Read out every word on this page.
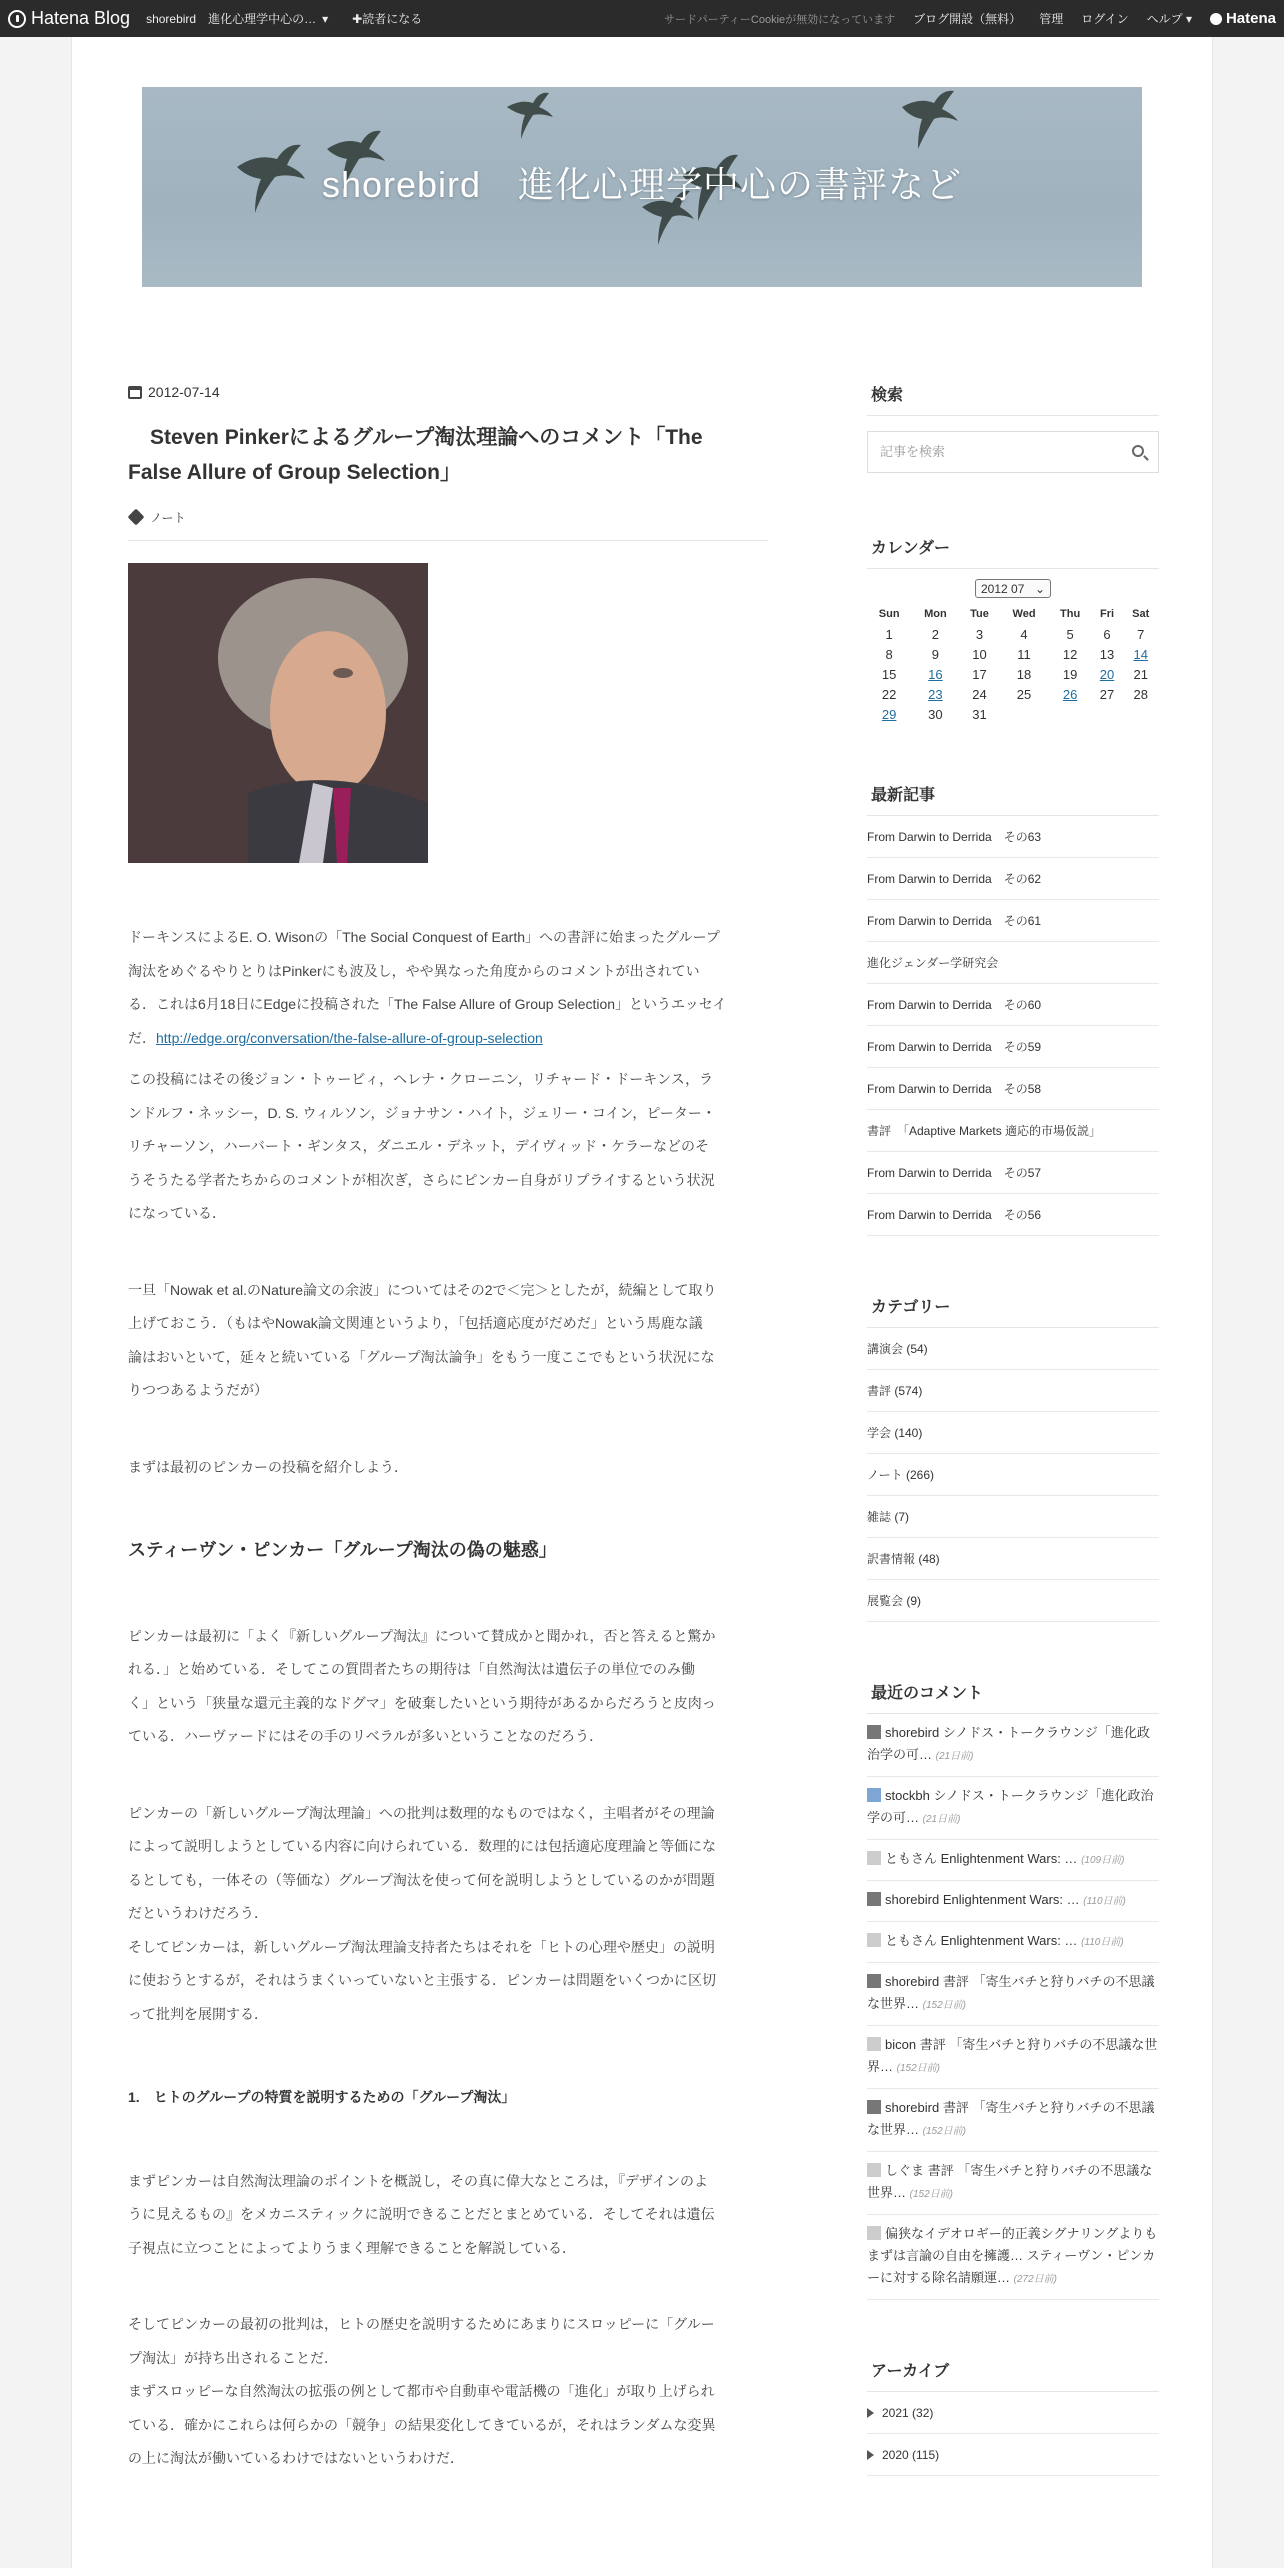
Hatena Blog shorebird　進化心理学中心の… ▾ ✚読者になる	サードパーティーCookieが無効になっています ブログ開設（無料） 管理 ログイン ヘルプ ▾ Hatena
shorebird　進化心理学中心の書評など
2012-07-14
Steven Pinkerによるグループ淘汰理論へのコメント「The
False Allure of Group Selection」
ノート

ドーキンスによるE. O. Wisonの「The Social Conquest of Earth」への書評に始まったグループ
淘汰をめぐるやりとりはPinkerにも波及し，やや異なった角度からのコメントが出されてい
る．これは6月18日にEdgeに投稿された「The False Allure of Group Selection」というエッセイ
だ．http://edge.org/conversation/the-false-allure-of-group-selection

この投稿にはその後ジョン・トゥービィ，ヘレナ・クローニン，リチャード・ドーキンス，ラ
ンドルフ・ネッシー，D. S. ウィルソン，ジョナサン・ハイト，ジェリー・コイン，ピーター・
リチャーソン，ハーバート・ギンタス，ダニエル・デネット，デイヴィッド・ケラーなどのそ
うそうたる学者たちからのコメントが相次ぎ，さらにピンカー自身がリプライするという状況
になっている．

一旦「Nowak et al.のNature論文の余波」についてはその2で＜完＞としたが，続編として取り
上げておこう．（もはやNowak論文関連というより，「包括適応度がだめだ」という馬鹿な議
論はおいといて，延々と続いている「グループ淘汰論争」をもう一度ここでもという状況にな
りつつあるようだが）

まずは最初のピンカーの投稿を紹介しよう．

スティーヴン・ピンカー「グループ淘汰の偽の魅惑」

ピンカーは最初に「よく『新しいグループ淘汰』について賛成かと聞かれ，否と答えると驚か
れる．」と始めている．そしてこの質問者たちの期待は「自然淘汰は遺伝子の単位でのみ働
く」という「狭量な還元主義的なドグマ」を破棄したいという期待があるからだろうと皮肉っ
ている．ハーヴァードにはその手のリベラルが多いということなのだろう．

ピンカーの「新しいグループ淘汰理論」への批判は数理的なものではなく，主唱者がその理論
によって説明しようとしている内容に向けられている．数理的には包括適応度理論と等価にな
るとしても，一体その（等価な）グループ淘汰を使って何を説明しようとしているのかが問題
だというわけだろう．
そしてピンカーは，新しいグループ淘汰理論支持者たちはそれを「ヒトの心理や歴史」の説明
に使おうとするが，それはうまくいっていないと主張する．ピンカーは問題をいくつかに区切
って批判を展開する．

1.　ヒトのグループの特質を説明するための「グループ淘汰」

まずピンカーは自然淘汰理論のポイントを概説し，その真に偉大なところは，『デザインのよ
うに見えるもの』をメカニスティックに説明できることだとまとめている．そしてそれは遺伝
子視点に立つことによってよりうまく理解できることを解説している．

そしてピンカーの最初の批判は，ヒトの歴史を説明するためにあまりにスロッピーに「グルー
プ淘汰」が持ち出されることだ．
まずスロッピーな自然淘汰の拡張の例として都市や自動車や電話機の「進化」が取り上げられ
ている．確かにこれらは何らかの「競争」の結果変化してきているが，それはランダムな変異
の上に淘汰が働いているわけではないというわけだ．

検索
記事を検索
カレンダー
2012 07 ⌄
Sun	Mon	Tue	Wed	Thu	Fri	Sat
1	2	3	4	5	6	7
8	9	10	11	12	13	14
15	16	17	18	19	20	21
22	23	24	25	26	27	28
29	30	31				
最新記事
From Darwin to Derrida　その63
From Darwin to Derrida　その62
From Darwin to Derrida　その61
進化ジェンダー学研究会
From Darwin to Derrida　その60
From Darwin to Derrida　その59
From Darwin to Derrida　その58
書評　「Adaptive Markets 適応的市場仮説」
From Darwin to Derrida　その57
From Darwin to Derrida　その56
カテゴリー
講演会 (54)
書評 (574)
学会 (140)
ノート (266)
雑誌 (7)
訳書情報 (48)
展覧会 (9)
最近のコメント
shorebird シノドス・トークラウンジ「進化政治学の可… (21日前)
stockbh シノドス・トークラウンジ「進化政治学の可… (21日前)
ともさん Enlightenment Wars: … (109日前)
shorebird Enlightenment Wars: … (110日前)
ともさん Enlightenment Wars: … (110日前)
shorebird 書評 「寄生バチと狩りバチの不思議な世界… (152日前)
bicon 書評 「寄生バチと狩りバチの不思議な世界… (152日前)
shorebird 書評 「寄生バチと狩りバチの不思議な世界… (152日前)
しぐま 書評 「寄生バチと狩りバチの不思議な世界… (152日前)
偏狭なイデオロギー的正義シグナリングよりもまずは言論の自由を擁護… スティーヴン・ピンカーに対する除名請願運… (272日前)
アーカイブ
2021 (32)
2020 (115)
